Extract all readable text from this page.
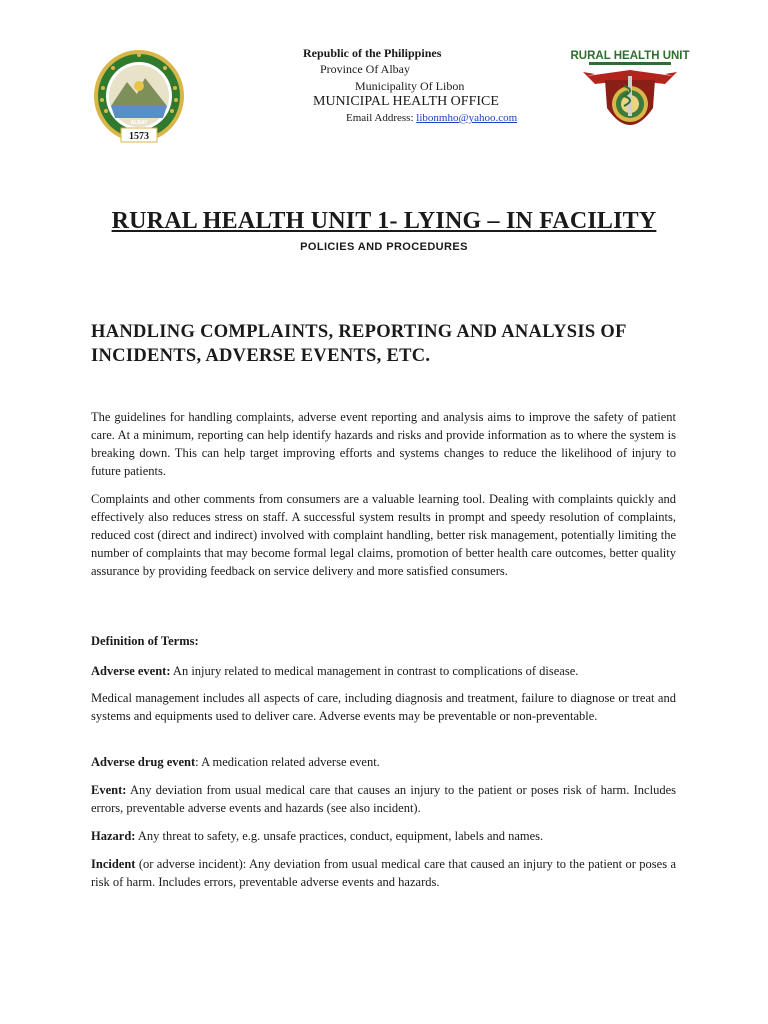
1573
ALBAY
Republic of the Philippines
Province Of Albay
Municipality Of Libon
MUNICIPAL HEALTH OFFICE
Email Address: libonmho@yahoo.com
RURAL HEALTH UNIT
RURAL HEALTH UNIT 1- LYING – IN FACILITY
POLICIES AND PROCEDURES
HANDLING COMPLAINTS, REPORTING AND ANALYSIS OF INCIDENTS, ADVERSE EVENTS, ETC.
The guidelines for handling complaints, adverse event reporting and analysis aims to improve the safety of patient care. At a minimum, reporting can help identify hazards and risks and provide information as to where the system is breaking down. This can help target improving efforts and systems changes to reduce the likelihood of injury to future patients.
Complaints and other comments from consumers are a valuable learning tool. Dealing with complaints quickly and effectively also reduces stress on staff. A successful system results in prompt and speedy resolution of complaints, reduced cost (direct and indirect) involved with complaint handling, better risk management, potentially limiting the number of complaints that may become formal legal claims, promotion of better health care outcomes, better quality assurance by providing feedback on service delivery and more satisfied consumers.
Definition of Terms:
Adverse event: An injury related to medical management in contrast to complications of disease.
Medical management includes all aspects of care, including diagnosis and treatment, failure to diagnose or treat and systems and equipments used to deliver care. Adverse events may be preventable or non-preventable.
Adverse drug event: A medication related adverse event.
Event: Any deviation from usual medical care that causes an injury to the patient or poses risk of harm. Includes errors, preventable adverse events and hazards (see also incident).
Hazard: Any threat to safety, e.g. unsafe practices, conduct, equipment, labels and names.
Incident (or adverse incident): Any deviation from usual medical care that caused an injury to the patient or poses a risk of harm. Includes errors, preventable adverse events and hazards.
